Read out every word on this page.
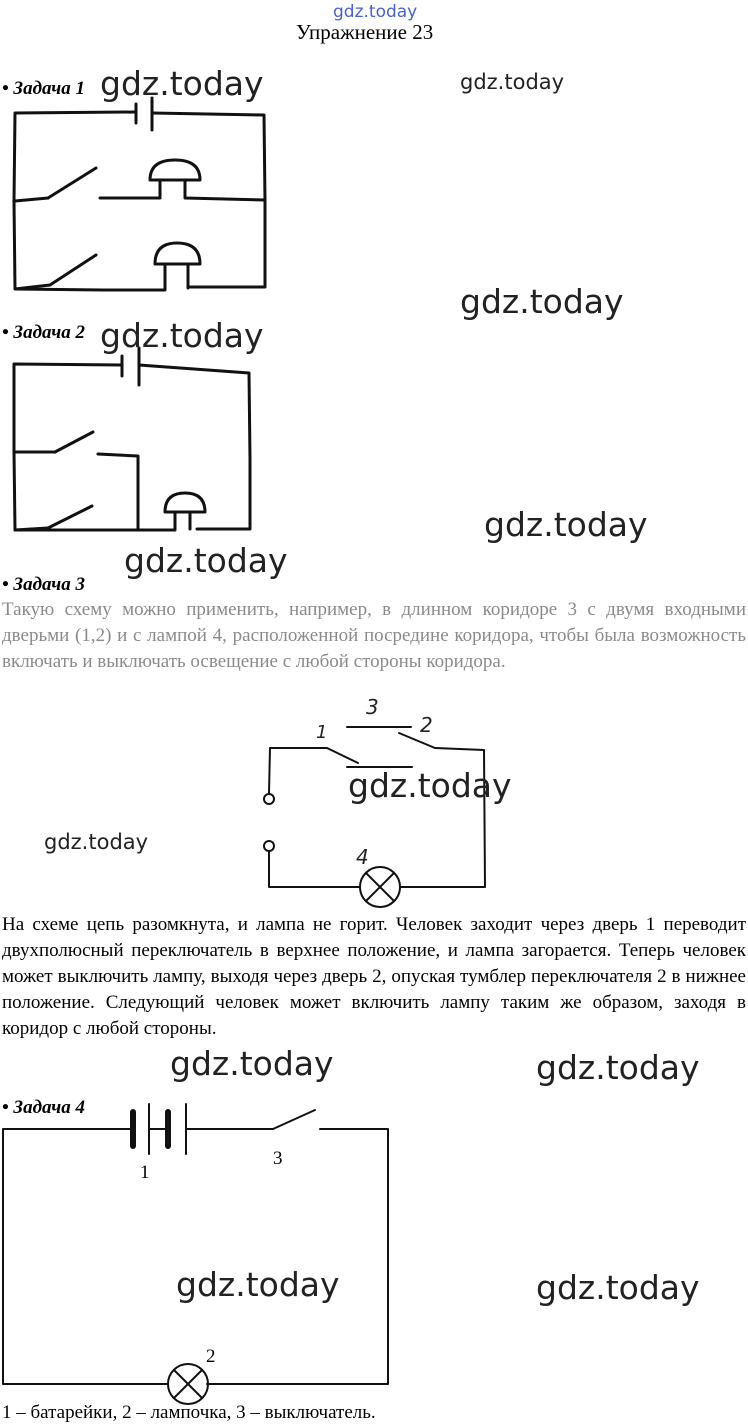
gdz.today
Упражнение 23
• Задача 1 gdz.today	gdz.today
gdz.today
• Задача 2 gdz.today
gdz.today
gdz.today
• Задача 3
Такую схему можно применить, например, в длинном коридоре 3 с двумя входными дверьми (1,2) и с лампой 4, расположенной посредине коридора, чтобы была возможность включать и выключать освещение с любой стороны коридора.
3
2
1
4
gdz.today
gdz.today
На схеме цепь разомкнута, и лампа не горит. Человек заходит через дверь 1 переводит двухполюсный переключатель в верхнее положение, и лампа загорается. Теперь человек может выключить лампу, выходя через дверь 2, опуская тумблер переключателя 2 в нижнее положение. Следующий человек может включить лампу таким же образом, заходя в коридор с любой стороны.
gdz.today	gdz.today
• Задача 4
1
3
2
gdz.today	gdz.today
1 – батарейки, 2 – лампочка, 3 – выключатель.
